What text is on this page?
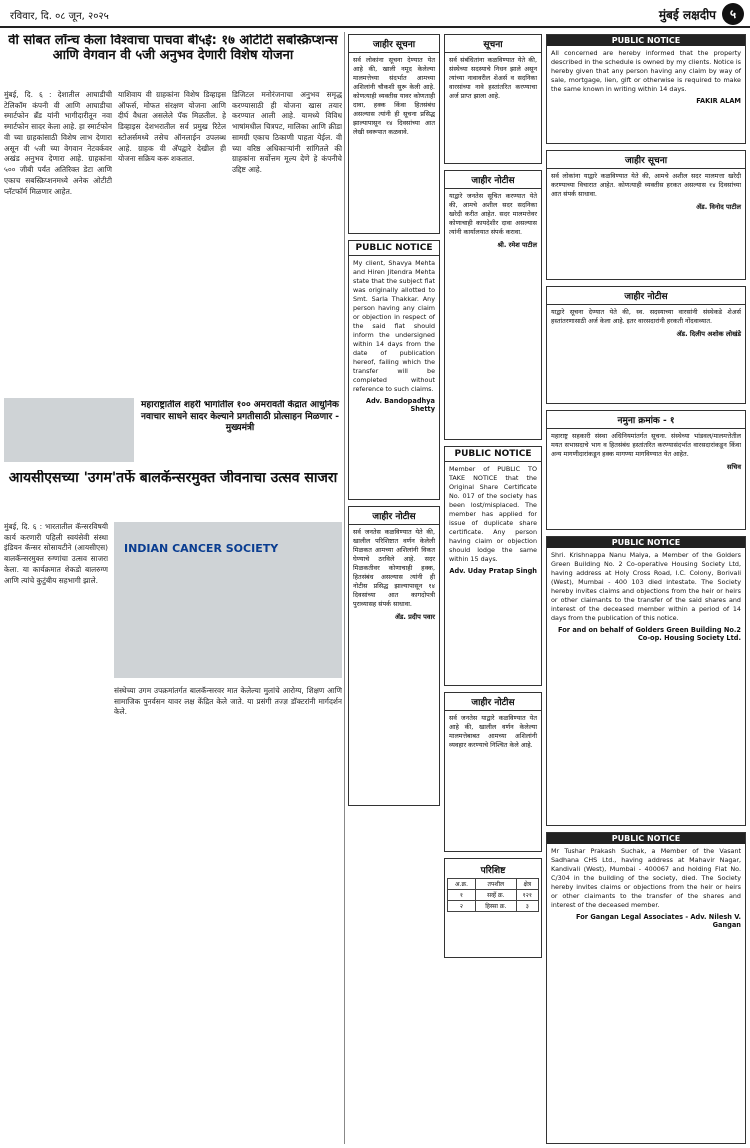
रविवार, दि. ०८ जून, २०२५	मुंबई लक्षदीप	५
वी सोबत लॉन्च केला विश्वाचा पाचवा बी५ई: १७ ओटीटी सबस्क्रिप्शन्स आणि वेगवान वी ५जी अनुभव देणारी विशेष योजना
मुंबई, दि. ६ : देशातील आघाडीची टेलिकॉम कंपनी वी आणि आघाडीचा स्मार्टफोन ब्रँड यांनी भागीदारीतून नवा स्मार्टफोन सादर केला आहे. हा स्मार्टफोन वी च्या ग्राहकांसाठी विशेष लाभ देणारा असून वी ५जी च्या वेगवान नेटवर्कवर अखंड अनुभव देणारा आहे. ग्राहकांना ५०० जीबी पर्यंत अतिरिक्त डेटा आणि एकाच सबस्क्रिप्शनमध्ये अनेक ओटीटी प्लॅटफॉर्म मिळणार आहेत.
याशिवाय वी ग्राहकांना विशेष डिव्हाइस ऑफर्स, मोफत संरक्षण योजना आणि दीर्घ वैधता असलेले पॅक मिळतील. हे डिव्हाइस देशभरातील सर्व प्रमुख रिटेल स्टोअर्समध्ये तसेच ऑनलाईन उपलब्ध आहे. ग्राहक वी अ‍ॅपद्वारे देखील ही योजना सक्रिय करू शकतात.
डिजिटल मनोरंजनाचा अनुभव समृद्ध करण्यासाठी ही योजना खास तयार करण्यात आली आहे. यामध्ये विविध भाषांमधील चित्रपट, मालिका आणि क्रीडा सामग्री एकाच ठिकाणी पाहता येईल. वी च्या वरिष्ठ अधिकाऱ्यांनी सांगितले की ग्राहकांना सर्वोत्तम मूल्य देणे हे कंपनीचे उद्दिष्ट आहे.
महाराष्ट्रातील शहरी भागांतील १०० अमरावती केंद्रात आधुनिक नवाचार साधने सादर केल्याने प्रगतीसाठी प्रोत्साहन मिळणार - मुख्यमंत्री
आयसीएसच्या 'उगम'तर्फे बालकॅन्सरमुक्त जीवनाचा उत्सव साजरा
मुंबई, दि. ६ : भारतातील कॅन्सरविषयी कार्य करणारी पहिली स्वयंसेवी संस्था इंडियन कॅन्सर सोसायटीने (आयसीएस) बालकॅन्सरमुक्त रुग्णांचा उत्सव साजरा केला. या कार्यक्रमात शेकडो बालरुग्ण आणि त्यांचे कुटुंबीय सहभागी झाले.
INDIAN CANCER SOCIETY
संस्थेच्या उगम उपक्रमांतर्गत बालकॅन्सरवर मात केलेल्या मुलांचे आरोग्य, शिक्षण आणि सामाजिक पुनर्वसन यावर लक्ष केंद्रित केले जाते. या प्रसंगी तज्ज्ञ डॉक्टरांनी मार्गदर्शन केले.
जाहीर सूचना
सर्व लोकांना सूचना देण्यात येत आहे की, खाली नमूद केलेल्या मालमत्तेच्या संदर्भात आमच्या अशिलांनी चौकशी सुरू केली आहे. कोणत्याही व्यक्तीस यावर कोणताही दावा, हक्क किंवा हितसंबंध असल्यास त्यांनी ही सूचना प्रसिद्ध झाल्यापासून १४ दिवसांच्या आत लेखी स्वरूपात कळवावे.
PUBLIC NOTICE
My client, Shavya Mehta and Hiren Jitendra Mehta state that the subject flat was originally allotted to Smt. Sarla Thakkar. Any person having any claim or objection in respect of the said flat should inform the undersigned within 14 days from the date of publication hereof, failing which the transfer will be completed without reference to such claims.
Adv. Bandopadhya Shetty
जाहीर नोटीस
सर्व जनतेस कळविण्यात येते की, खालील परिशिष्टात वर्णन केलेली मिळकत आमच्या अशिलांनी विकत घेण्याचे ठरविले आहे. सदर मिळकतीवर कोणाचाही हक्क, हितसंबंध असल्यास त्यांनी ही नोटीस प्रसिद्ध झाल्यापासून १४ दिवसांच्या आत कागदोपत्री पुराव्यासह संपर्क साधावा.
ॲड. प्रदीप पवार
सूचना
सर्व संबंधितांना कळविण्यात येते की, संस्थेच्या सदस्याचे निधन झाले असून त्यांच्या नावावरील शेअर्स व सदनिका वारसांच्या नावे हस्तांतरित करण्याचा अर्ज प्राप्त झाला आहे.
जाहीर नोटीस
याद्वारे जनतेस सूचित करण्यात येते की, आमचे अशील सदर सदनिका खरेदी करीत आहेत. सदर मालमत्तेवर कोणाचाही कायदेशीर दावा असल्यास त्यांनी कार्यालयात संपर्क करावा.
श्री. रमेश पाटील
PUBLIC NOTICE
Member of PUBLIC TO TAKE NOTICE that the Original Share Certificate No. 017 of the society has been lost/misplaced. The member has applied for issue of duplicate share certificate. Any person having claim or objection should lodge the same within 15 days.
Adv. Uday Pratap Singh
जाहीर नोटीस
सर्व जनतेस याद्वारे कळविण्यात येत आहे की, खालील वर्णन केलेल्या मालमत्तेबाबत आमच्या अशिलांनी व्यवहार करण्याचे निश्चित केले आहे.
परिशिष्ट
अ.क्र.	तपशील	क्षेत्र
१	सर्व्हे क्र.	१२१
२	हिस्सा क्र.	३
PUBLIC NOTICE
All concerned are hereby informed that the property described in the schedule is owned by my clients. Notice is hereby given that any person having any claim by way of sale, mortgage, lien, gift or otherwise is required to make the same known in writing within 14 days.
FAKIR ALAM
जाहीर सूचना
सर्व लोकांना याद्वारे कळविण्यात येते की, आमचे अशील सदर मालमत्ता खरेदी करण्याच्या विचारात आहेत. कोणत्याही व्यक्तीस हरकत असल्यास १४ दिवसांच्या आत संपर्क साधावा.
ॲड. विनोद पाटील
जाहीर नोटीस
याद्वारे सूचना देण्यात येते की, स्व. सदस्याच्या वारसांनी संस्थेकडे शेअर्स हस्तांतरणासाठी अर्ज केला आहे. इतर वारसदारांनी हरकती नोंदवाव्यात.
अ‍ॅड. दिलीप अशोक लोखंडे
नमुना क्रमांक - १
महाराष्ट्र सहकारी संस्था अधिनियमांतर्गत सूचना. संस्थेच्या भांडवल/मालमत्तेतील मयत सभासदाचे भाग व हितसंबंध हस्तांतरित करण्यासंदर्भात वारसदारांकडून किंवा अन्य मागणीदारांकडून हक्क मागण्या मागविण्यात येत आहेत.
सचिव
PUBLIC NOTICE
Shri. Krishnappa Nanu Malya, a Member of the Golders Green Building No. 2 Co-operative Housing Society Ltd, having address at Holy Cross Road, I.C. Colony, Borivali (West), Mumbai - 400 103 died intestate. The Society hereby invites claims and objections from the heir or heirs or other claimants to the transfer of the said shares and interest of the deceased member within a period of 14 days from the publication of this notice.
For and on behalf of Golders Green Building No.2 Co-op. Housing Society Ltd.
PUBLIC NOTICE
Mr Tushar Prakash Suchak, a Member of the Vasant Sadhana CHS Ltd., having address at Mahavir Nagar, Kandivali (West), Mumbai - 400067 and holding Flat No. C/304 in the building of the society, died. The Society hereby invites claims or objections from the heir or heirs or other claimants to the transfer of the shares and interest of the deceased member.
For Gangan Legal Associates - Adv. Nilesh V. Gangan
